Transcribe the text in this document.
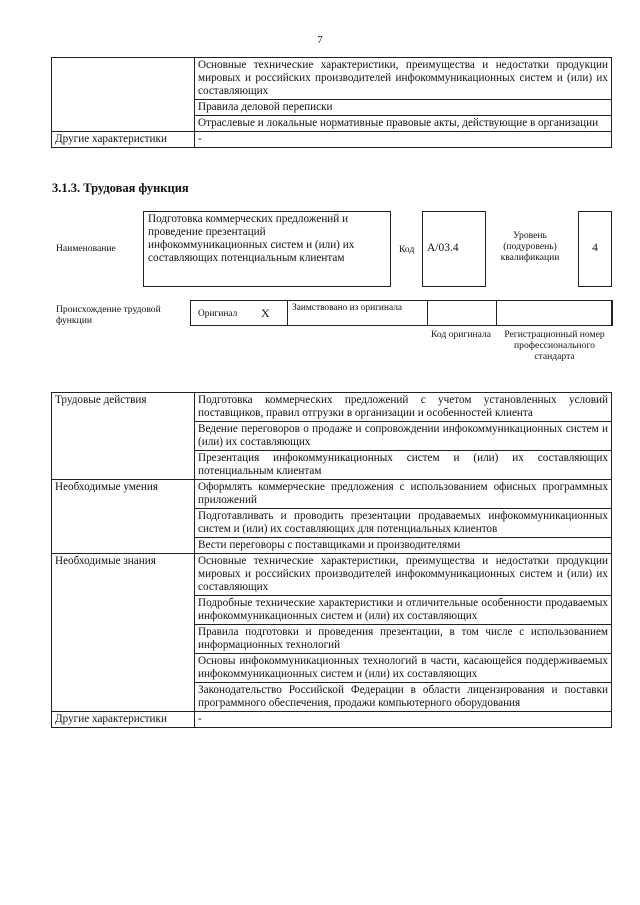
7
	Основные технические характеристики, преимущества и недостатки продукции мировых и российских производителей инфокоммуникационных систем и (или) их составляющих
	Правила деловой переписки
	Отраслевые и локальные нормативные правовые акты, действующие в организации
Другие характеристики	-
3.1.3. Трудовая функция
Наименование
Подготовка коммерческих предложений и проведение презентаций инфокоммуникационных систем и (или) их составляющих потенциальным клиентам
Код	А/03.4
Уровень (подуровень) квалификации
4
Происхождение трудовой функции
Оригинал X Заимствовано из оригинала
Код оригинала	Регистрационный номер профессионального стандарта
Трудовые действия	Подготовка коммерческих предложений с учетом установленных условий поставщиков, правил отгрузки в организации и особенностей клиента
	Ведение переговоров о продаже и сопровождении инфокоммуникационных систем и (или) их составляющих
	Презентация инфокоммуникационных систем и (или) их составляющих потенциальным клиентам
Необходимые умения	Оформлять коммерческие предложения с использованием офисных программных приложений
	Подготавливать и проводить презентации продаваемых инфокоммуникационных систем и (или) их составляющих для потенциальных клиентов
	Вести переговоры с поставщиками и производителями
Необходимые знания	Основные технические характеристики, преимущества и недостатки продукции мировых и российских производителей инфокоммуникационных систем и (или) их составляющих
	Подробные технические характеристики и отличительные особенности продаваемых инфокоммуникационных систем и (или) их составляющих
	Правила подготовки и проведения презентации, в том числе с использованием информационных технологий
	Основы инфокоммуникационных технологий в части, касающейся поддерживаемых инфокоммуникационных систем и (или) их составляющих
	Законодательство Российской Федерации в области лицензирования и поставки программного обеспечения, продажи компьютерного оборудования
Другие характеристики	-
